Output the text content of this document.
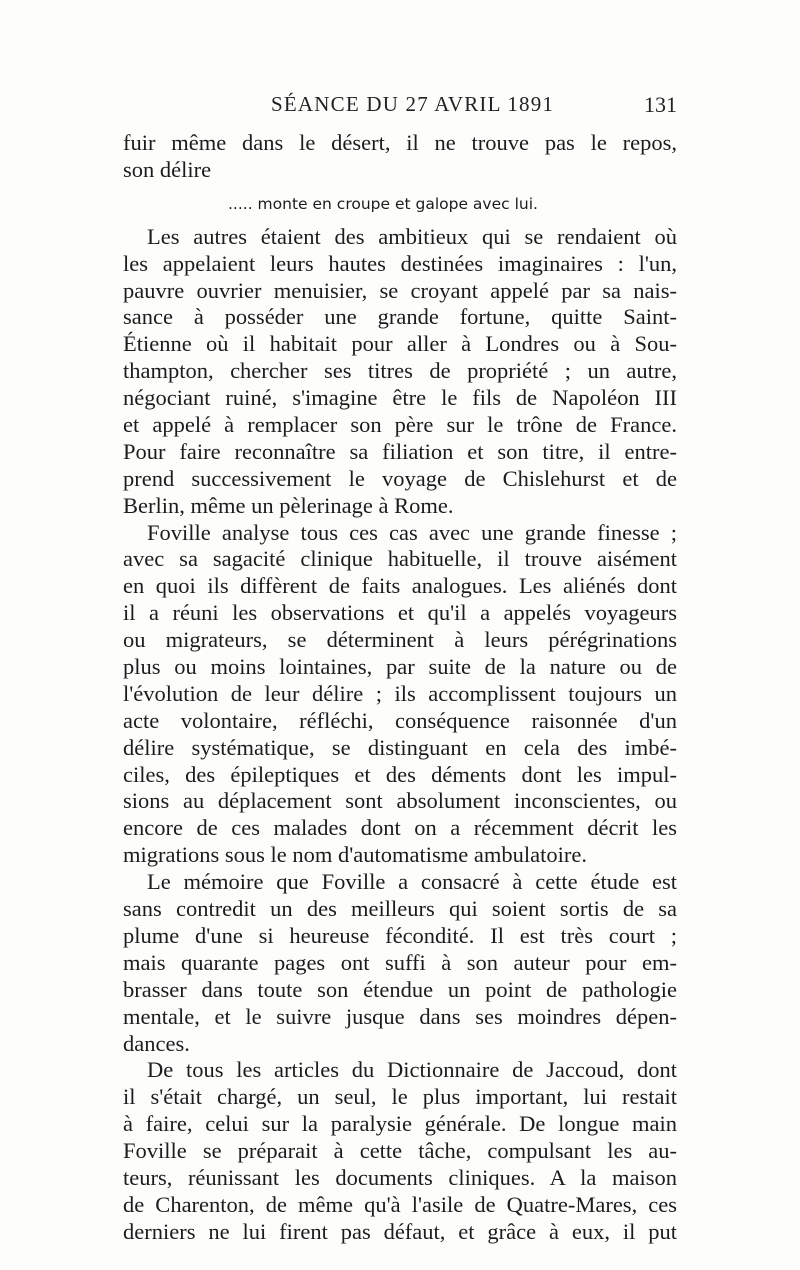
SÉANCE DU 27 AVRIL 1891	131
fuir même dans le désert, il ne trouve pas le repos,
son délire
..... monte en croupe et galope avec lui.
Les autres étaient des ambitieux qui se rendaient où
les appelaient leurs hautes destinées imaginaires : l'un,
pauvre ouvrier menuisier, se croyant appelé par sa nais-
sance à posséder une grande fortune, quitte Saint-
Étienne où il habitait pour aller à Londres ou à Sou-
thampton, chercher ses titres de propriété ; un autre,
négociant ruiné, s'imagine être le fils de Napoléon III
et appelé à remplacer son père sur le trône de France.
Pour faire reconnaître sa filiation et son titre, il entre-
prend successivement le voyage de Chislehurst et de
Berlin, même un pèlerinage à Rome.
Foville analyse tous ces cas avec une grande finesse ;
avec sa sagacité clinique habituelle, il trouve aisément
en quoi ils diffèrent de faits analogues. Les aliénés dont
il a réuni les observations et qu'il a appelés voyageurs
ou migrateurs, se déterminent à leurs pérégrinations
plus ou moins lointaines, par suite de la nature ou de
l'évolution de leur délire ; ils accomplissent toujours un
acte volontaire, réfléchi, conséquence raisonnée d'un
délire systématique, se distinguant en cela des imbé-
ciles, des épileptiques et des déments dont les impul-
sions au déplacement sont absolument inconscientes, ou
encore de ces malades dont on a récemment décrit les
migrations sous le nom d'automatisme ambulatoire.
Le mémoire que Foville a consacré à cette étude est
sans contredit un des meilleurs qui soient sortis de sa
plume d'une si heureuse fécondité. Il est très court ;
mais quarante pages ont suffi à son auteur pour em-
brasser dans toute son étendue un point de pathologie
mentale, et le suivre jusque dans ses moindres dépen-
dances.
De tous les articles du Dictionnaire de Jaccoud, dont
il s'était chargé, un seul, le plus important, lui restait
à faire, celui sur la paralysie générale. De longue main
Foville se préparait à cette tâche, compulsant les au-
teurs, réunissant les documents cliniques. A la maison
de Charenton, de même qu'à l'asile de Quatre-Mares, ces
derniers ne lui firent pas défaut, et grâce à eux, il put
